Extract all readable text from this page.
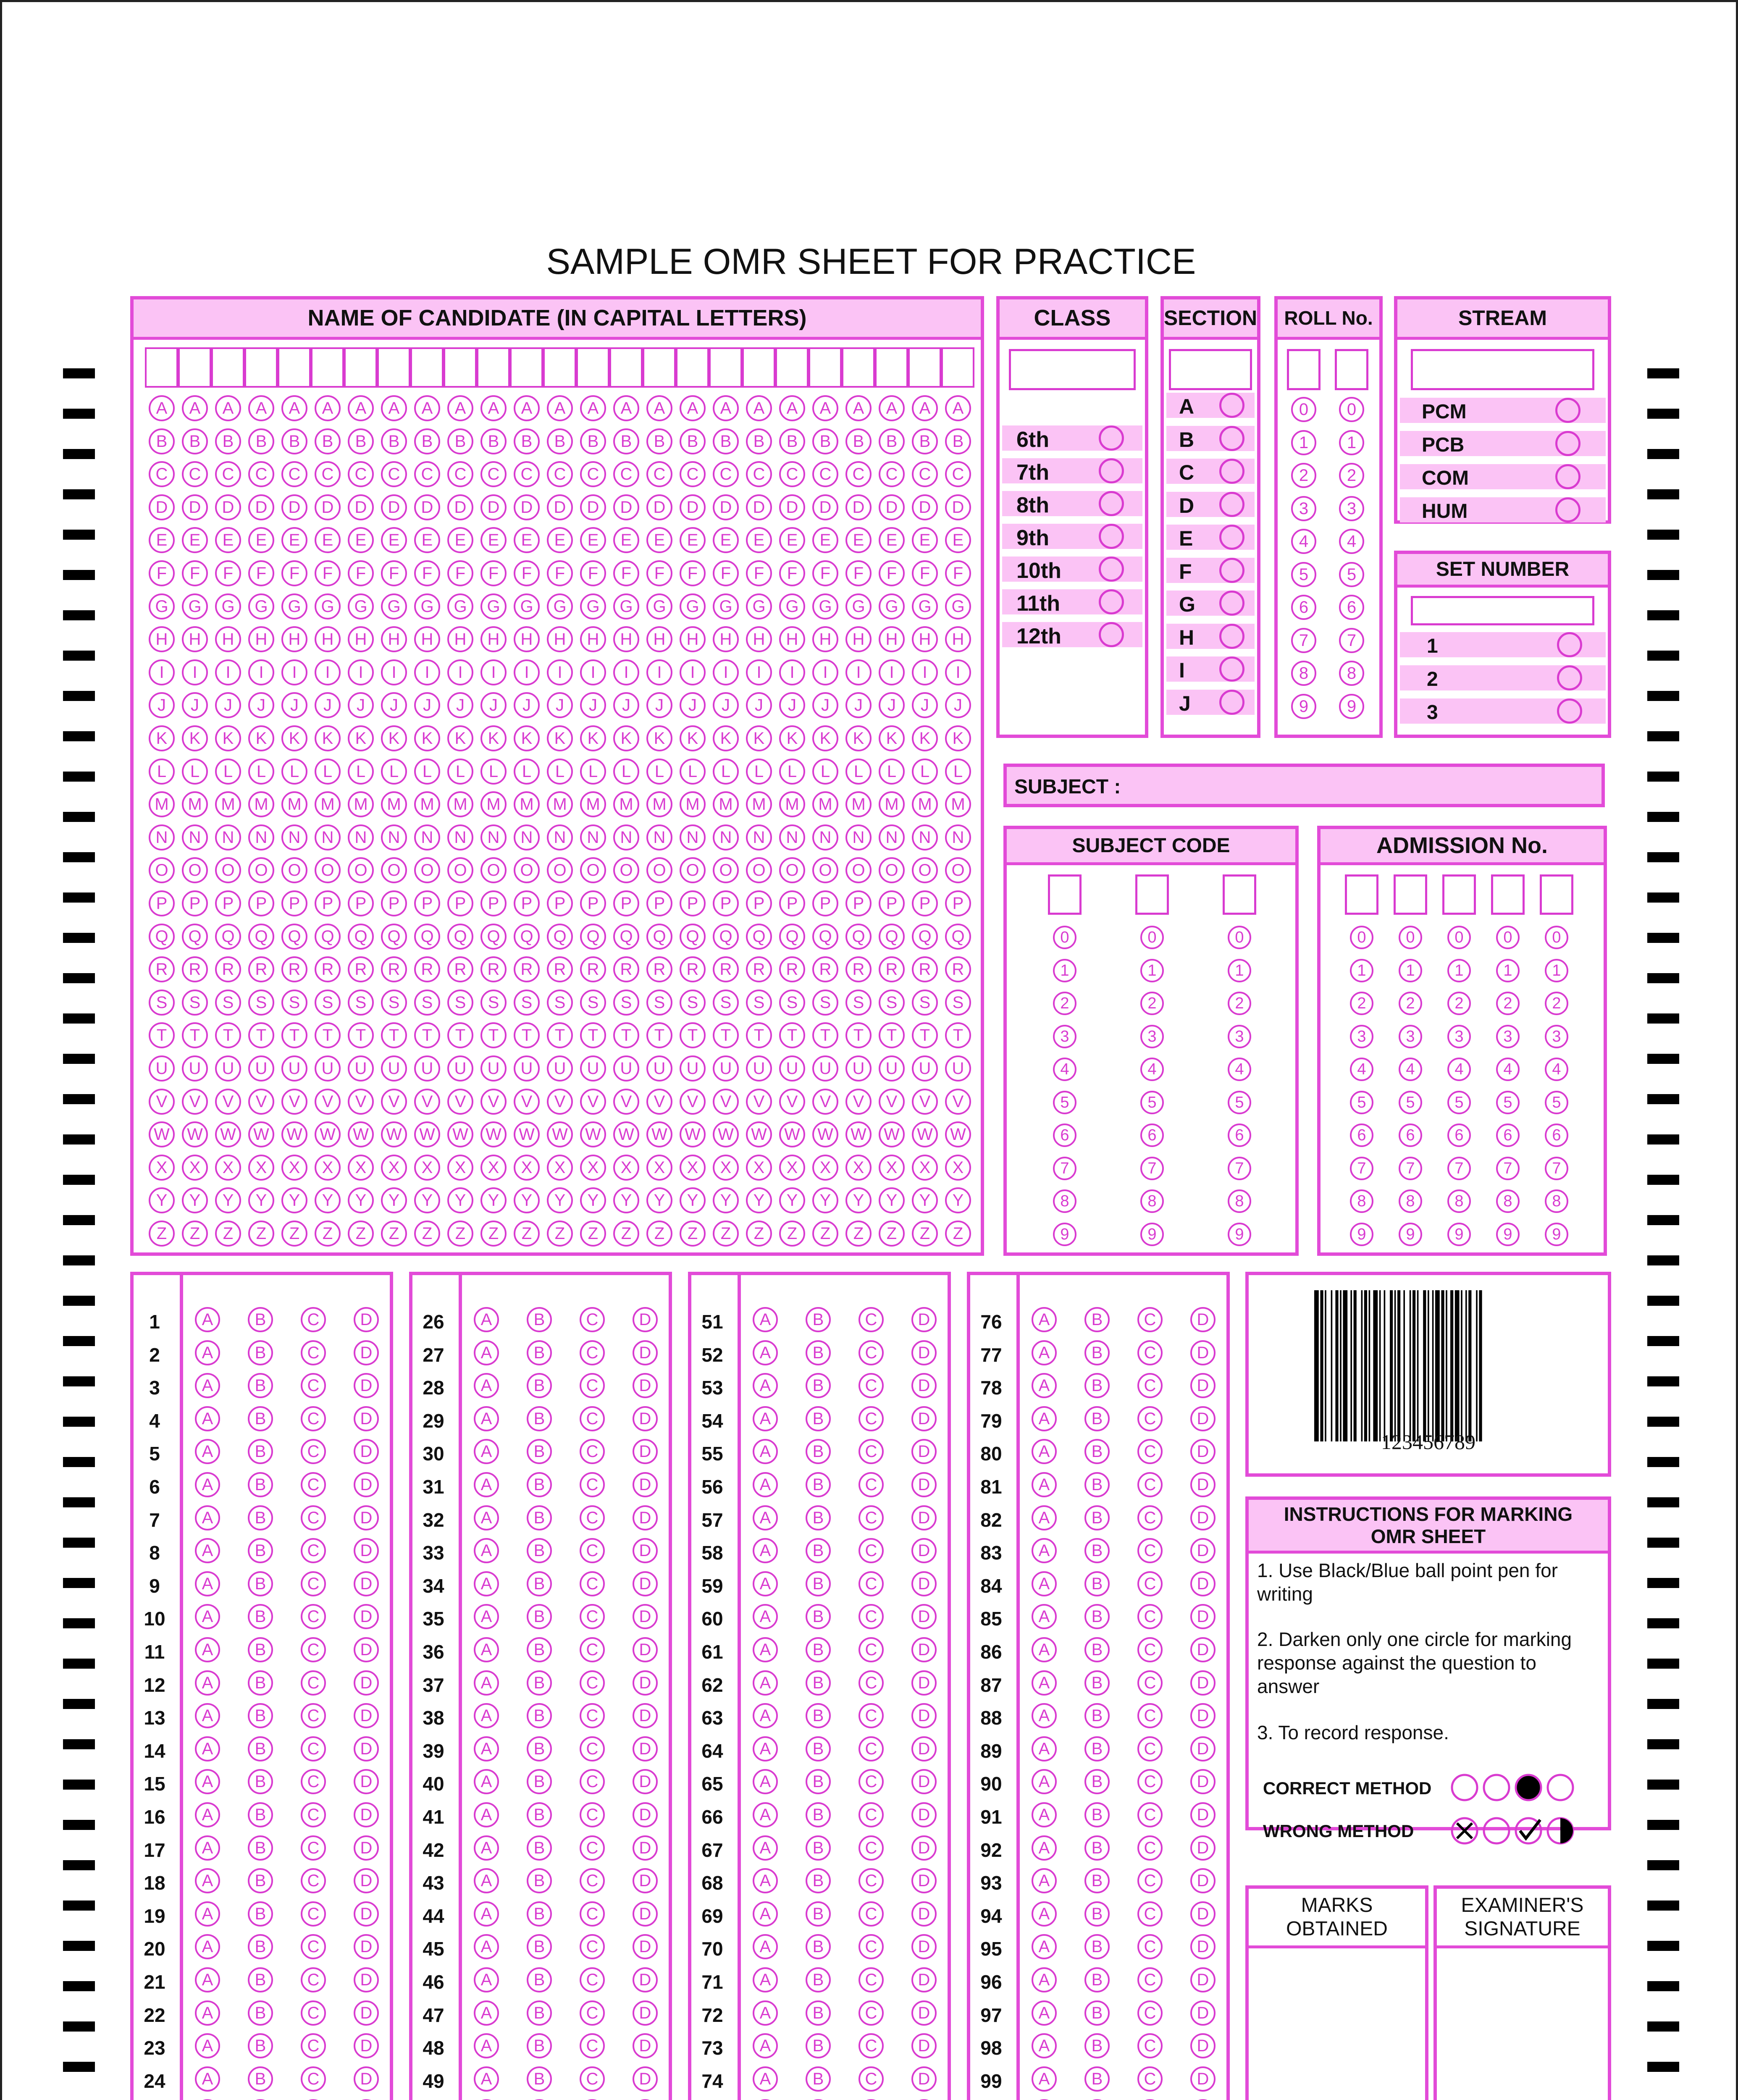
SAMPLE OMR SHEET FOR PRACTICE
NAME OF CANDIDATE (IN CAPITAL LETTERS)
A	A	A	A	A	A	A	A	A	A	A	A	A	A	A	A	A	A	A	A	A	A	A	A	A
B	B	B	B	B	B	B	B	B	B	B	B	B	B	B	B	B	B	B	B	B	B	B	B	B
C	C	C	C	C	C	C	C	C	C	C	C	C	C	C	C	C	C	C	C	C	C	C	C	C
D	D	D	D	D	D	D	D	D	D	D	D	D	D	D	D	D	D	D	D	D	D	D	D	D
E	E	E	E	E	E	E	E	E	E	E	E	E	E	E	E	E	E	E	E	E	E	E	E	E
F	F	F	F	F	F	F	F	F	F	F	F	F	F	F	F	F	F	F	F	F	F	F	F	F
G	G	G	G	G	G	G	G	G	G	G	G	G	G	G	G	G	G	G	G	G	G	G	G	G
H	H	H	H	H	H	H	H	H	H	H	H	H	H	H	H	H	H	H	H	H	H	H	H	H
I	I	I	I	I	I	I	I	I	I	I	I	I	I	I	I	I	I	I	I	I	I	I	I	I
J	J	J	J	J	J	J	J	J	J	J	J	J	J	J	J	J	J	J	J	J	J	J	J	J
K	K	K	K	K	K	K	K	K	K	K	K	K	K	K	K	K	K	K	K	K	K	K	K	K
L	L	L	L	L	L	L	L	L	L	L	L	L	L	L	L	L	L	L	L	L	L	L	L	L
M	M	M	M	M	M	M	M	M	M	M	M	M	M	M	M	M	M	M	M	M	M	M	M	M
N	N	N	N	N	N	N	N	N	N	N	N	N	N	N	N	N	N	N	N	N	N	N	N	N
O	O	O	O	O	O	O	O	O	O	O	O	O	O	O	O	O	O	O	O	O	O	O	O	O
P	P	P	P	P	P	P	P	P	P	P	P	P	P	P	P	P	P	P	P	P	P	P	P	P
Q	Q	Q	Q	Q	Q	Q	Q	Q	Q	Q	Q	Q	Q	Q	Q	Q	Q	Q	Q	Q	Q	Q	Q	Q
R	R	R	R	R	R	R	R	R	R	R	R	R	R	R	R	R	R	R	R	R	R	R	R	R
S	S	S	S	S	S	S	S	S	S	S	S	S	S	S	S	S	S	S	S	S	S	S	S	S
T	T	T	T	T	T	T	T	T	T	T	T	T	T	T	T	T	T	T	T	T	T	T	T	T
U	U	U	U	U	U	U	U	U	U	U	U	U	U	U	U	U	U	U	U	U	U	U	U	U
V	V	V	V	V	V	V	V	V	V	V	V	V	V	V	V	V	V	V	V	V	V	V	V	V
W	W	W	W	W	W	W	W	W	W	W	W	W	W	W	W	W	W	W	W	W	W	W	W	W
X	X	X	X	X	X	X	X	X	X	X	X	X	X	X	X	X	X	X	X	X	X	X	X	X
Y	Y	Y	Y	Y	Y	Y	Y	Y	Y	Y	Y	Y	Y	Y	Y	Y	Y	Y	Y	Y	Y	Y	Y	Y
Z	Z	Z	Z	Z	Z	Z	Z	Z	Z	Z	Z	Z	Z	Z	Z	Z	Z	Z	Z	Z	Z	Z	Z	Z
CLASS
6th
7th
8th
9th
10th
11th
12th
SECTION
A
B
C
D
E
F
G
H
I
J
ROLL No.
0	0
1	1
2	2
3	3
4	4
5	5
6	6
7	7
8	8
9	9
STREAM
PCM
PCB
COM
HUM
SET NUMBER
1
2
3
SUBJECT :
SUBJECT CODE
0	0	0
1	1	1
2	2	2
3	3	3
4	4	4
5	5	5
6	6	6
7	7	7
8	8	8
9	9	9
ADMISSION No.
0	0	0	0	0
1	1	1	1	1
2	2	2	2	2
3	3	3	3	3
4	4	4	4	4
5	5	5	5	5
6	6	6	6	6
7	7	7	7	7
8	8	8	8	8
9	9	9	9	9
1	A	B	C	D
2	A	B	C	D
3	A	B	C	D
4	A	B	C	D
5	A	B	C	D
6	A	B	C	D
7	A	B	C	D
8	A	B	C	D
9	A	B	C	D
10	A	B	C	D
11	A	B	C	D
12	A	B	C	D
13	A	B	C	D
14	A	B	C	D
15	A	B	C	D
16	A	B	C	D
17	A	B	C	D
18	A	B	C	D
19	A	B	C	D
20	A	B	C	D
21	A	B	C	D
22	A	B	C	D
23	A	B	C	D
24	A	B	C	D
26	A	B	C	D
27	A	B	C	D
28	A	B	C	D
29	A	B	C	D
30	A	B	C	D
31	A	B	C	D
32	A	B	C	D
33	A	B	C	D
34	A	B	C	D
35	A	B	C	D
36	A	B	C	D
37	A	B	C	D
38	A	B	C	D
39	A	B	C	D
40	A	B	C	D
41	A	B	C	D
42	A	B	C	D
43	A	B	C	D
44	A	B	C	D
45	A	B	C	D
46	A	B	C	D
47	A	B	C	D
48	A	B	C	D
49	A	B	C	D
51	A	B	C	D
52	A	B	C	D
53	A	B	C	D
54	A	B	C	D
55	A	B	C	D
56	A	B	C	D
57	A	B	C	D
58	A	B	C	D
59	A	B	C	D
60	A	B	C	D
61	A	B	C	D
62	A	B	C	D
63	A	B	C	D
64	A	B	C	D
65	A	B	C	D
66	A	B	C	D
67	A	B	C	D
68	A	B	C	D
69	A	B	C	D
70	A	B	C	D
71	A	B	C	D
72	A	B	C	D
73	A	B	C	D
74	A	B	C	D
76	A	B	C	D
77	A	B	C	D
78	A	B	C	D
79	A	B	C	D
80	A	B	C	D
81	A	B	C	D
82	A	B	C	D
83	A	B	C	D
84	A	B	C	D
85	A	B	C	D
86	A	B	C	D
87	A	B	C	D
88	A	B	C	D
89	A	B	C	D
90	A	B	C	D
91	A	B	C	D
92	A	B	C	D
93	A	B	C	D
94	A	B	C	D
95	A	B	C	D
96	A	B	C	D
97	A	B	C	D
98	A	B	C	D
99	A	B	C	D
123456789
INSTRUCTIONS FOR MARKING OMR SHEET
1. Use Black/Blue ball point pen for writing
2. Darken only one circle for marking response against the question to answer
3. To record response.
CORRECT METHOD
WRONG METHOD
MARKS OBTAINED
EXAMINER'S SIGNATURE
